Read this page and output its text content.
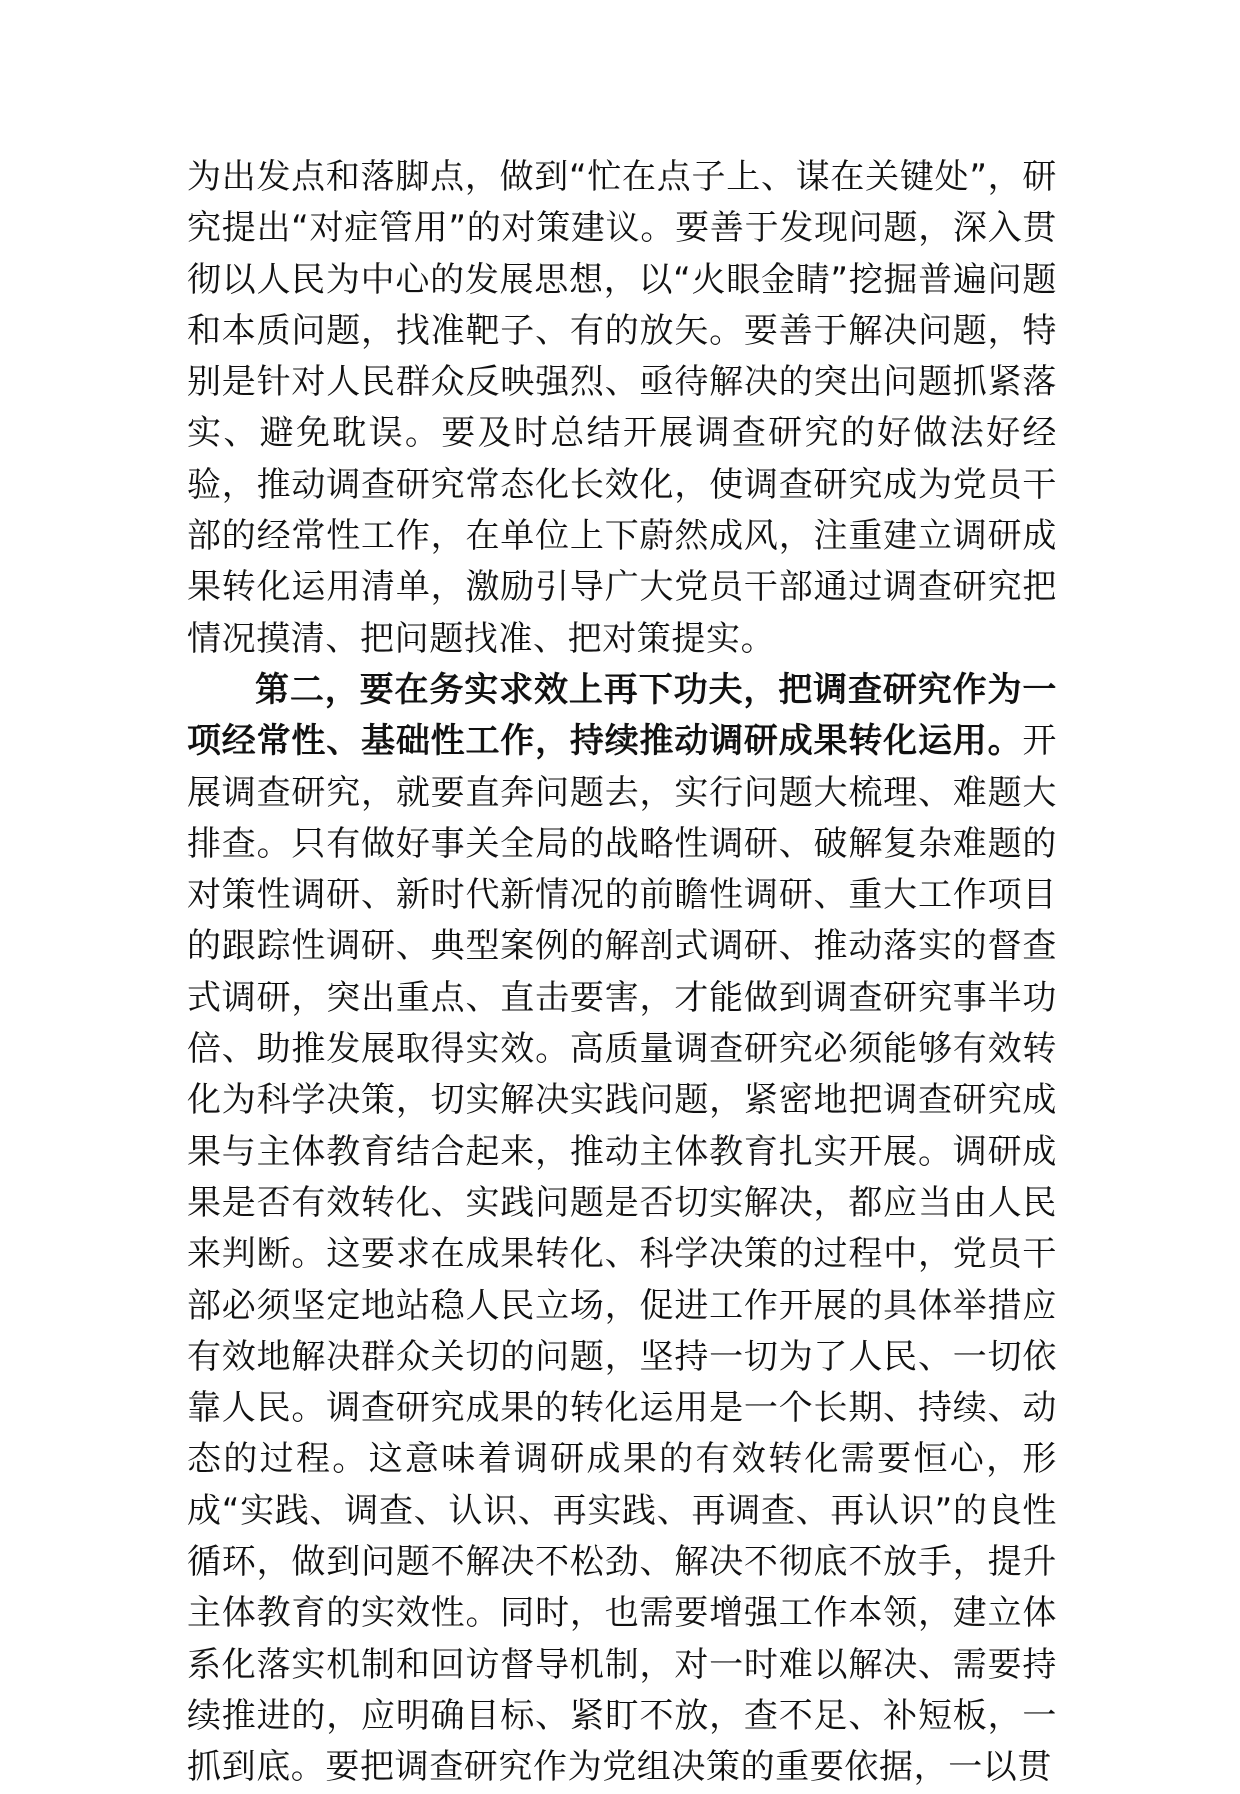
为出发点和落脚点，做到“忙在点子上、谋在关键处”，研究提出“对症管用”的对策建议。要善于发现问题，深入贯彻以人民为中心的发展思想，以“火眼金睛”挖掘普遍问题和本质问题，找准靶子、有的放矢。要善于解决问题，特别是针对人民群众反映强烈、亟待解决的突出问题抓紧落实、避免耽误。要及时总结开展调查研究的好做法好经验，推动调查研究常态化长效化，使调查研究成为党员干部的经常性工作，在单位上下蔚然成风，注重建立调研成果转化运用清单，激励引导广大党员干部通过调查研究把情况摸清、把问题找准、把对策提实。

第二，要在务实求效上再下功夫，把调查研究作为一项经常性、基础性工作，持续推动调研成果转化运用。开展调查研究，就要直奔问题去，实行问题大梳理、难题大排查。只有做好事关全局的战略性调研、破解复杂难题的对策性调研、新时代新情况的前瞻性调研、重大工作项目的跟踪性调研、典型案例的解剖式调研、推动落实的督查式调研，突出重点、直击要害，才能做到调查研究事半功倍、助推发展取得实效。高质量调查研究必须能够有效转化为科学决策，切实解决实践问题，紧密地把调查研究成果与主体教育结合起来，推动主体教育扎实开展。调研成果是否有效转化、实践问题是否切实解决，都应当由人民来判断。这要求在成果转化、科学决策的过程中，党员干部必须坚定地站稳人民立场，促进工作开展的具体举措应有效地解决群众关切的问题，坚持一切为了人民、一切依靠人民。调查研究成果的转化运用是一个长期、持续、动态的过程。这意味着调研成果的有效转化需要恒心，形成“实践、调查、认识、再实践、再调查、再认识”的良性循环，做到问题不解决不松劲、解决不彻底不放手，提升主体教育的实效性。同时，也需要增强工作本领，建立体系化落实机制和回访督导机制，对一时难以解决、需要持续推进的，应明确目标、紧盯不放，查不足、补短板，一抓到底。要把调查研究作为党组决策的重要依据，一以贯
